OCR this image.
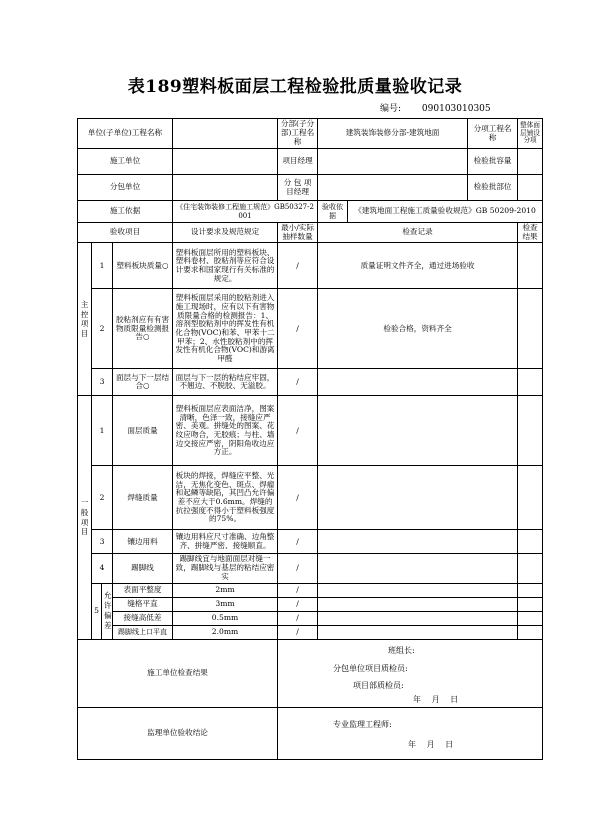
表189塑料板面层工程检验批质量验收记录
编号: 090103010305
单位(子单位)工程名称					分部(子分部)工程名称	建筑装饰装修分部-建筑地面		分项工程名称	整体面层铺设分项
施工单位					项目经理			检验批容量	
分包单位					分 包 项目经理			检验批部位	
施工依据				《住宅装饰装修工程施工规范》GB50327-2001		验收依据	《建筑地面工程施工质量验收规范》GB 50209-2010		
验收项目				设计要求及规范规定	最小/实际抽样数量	检查记录			检查结果
主控项目	1		塑料板块质量○	塑料板面层所用的塑料板块、塑料卷材、胶粘剂等应符合设计要求和国家现行有关标准的规定。	/	质量证明文件齐全，通过进场验收			
	2		胶粘剂应有有害物质限量检测报告○	塑料板面层采用的胶粘剂进入施工现场时，应有以下有害物质限量合格的检测报告：1、溶剂型胶粘剂中的挥发性有机化合物(VOC)和苯、甲苯十二甲苯；2、水性胶粘剂中的挥发性有机化合物(VOC)和游离甲醛	/	检验合格，资料齐全			
	3		面层与下一层结合○	面层与下一层的粘结应牢固，不翘边、不脱胶、无溢胶。	/				
一般项目	1		面层质量	塑料板面层应表面洁净，图案清晰，色泽一致，接缝应严密、美观。拼缝处的图案、花纹应吻合，无胶痕；与柱、墙边交接应严密，阴阳角收边应方正。	/				
	2		焊缝质量	板块的焊接，焊缝应平整、光洁，无焦化变色、斑点、焊瘤和起鳞等缺陷，其凹凸允许偏差不应大于0.6mm。焊缝的抗拉强度不得小于塑料板强度的75%。	/				
	3		镶边用料	镶边用料应尺寸准确、边角整齐、拼缝严密、接缝顺直。	/				
	4		踢脚线	踢脚线宜与地面面层对缝一致，踢脚线与基层的粘结应密实	/				
	5	允许偏差	表面平整度	2mm	/				
			缝格平直	3mm	/				
			接缝高低差	0.5mm	/				
			踢脚线上口平直	2.0mm	/				
施工单位检查结果					班组长:
分包单位项目质检员:
项目部质检员:
年 月 日				

监理单位验收结论					专业监理工程师:
年 月 日				
